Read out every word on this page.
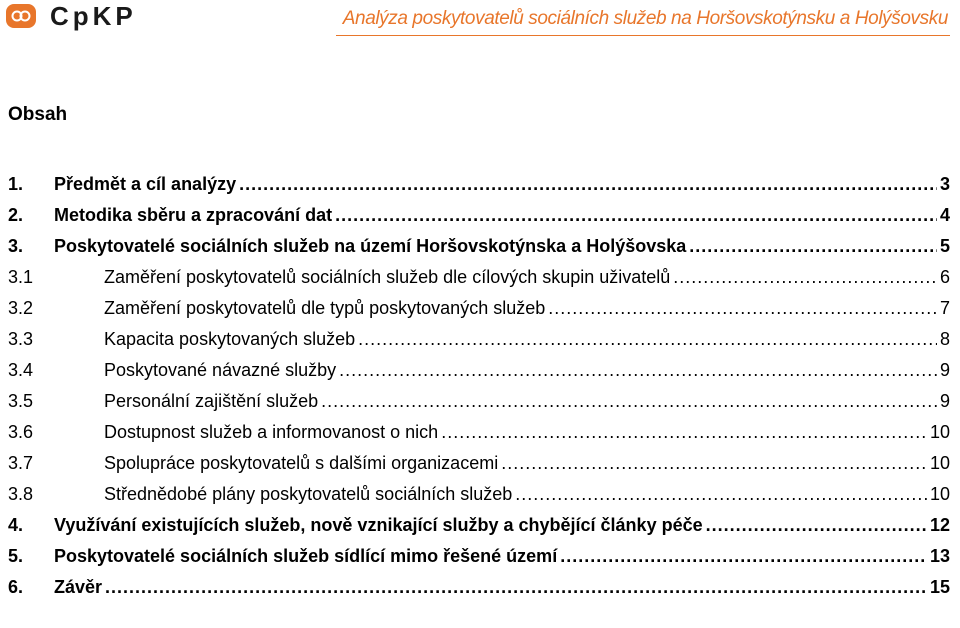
CpKP	Analýza poskytovatelů sociálních služeb na Horšovskotýnsku a Holýšovsku
Obsah
1.	Předmět a cíl analýzy .....	3
2.	Metodika sběru a zpracování dat .....	4
3.	Poskytovatelé sociálních služeb na území Horšovskotýnska a Holýšovska .....	5
3.1	Zaměření poskytovatelů sociálních služeb dle cílových skupin uživatelů .....	6
3.2	Zaměření poskytovatelů dle typů poskytovaných služeb .....	7
3.3	Kapacita poskytovaných služeb .....	8
3.4	Poskytované návazné služby .....	9
3.5	Personální zajištění služeb .....	9
3.6	Dostupnost služeb a informovanost o nich .....	10
3.7	Spolupráce poskytovatelů s dalšími organizacemi .....	10
3.8	Střednědobé plány poskytovatelů sociálních služeb .....	10
4.	Využívání existujících služeb, nově vznikající služby a chybějící články péče .....	12
5.	Poskytovatelé sociálních služeb sídlící mimo řešené území .....	13
6.	Závěr .....	15
